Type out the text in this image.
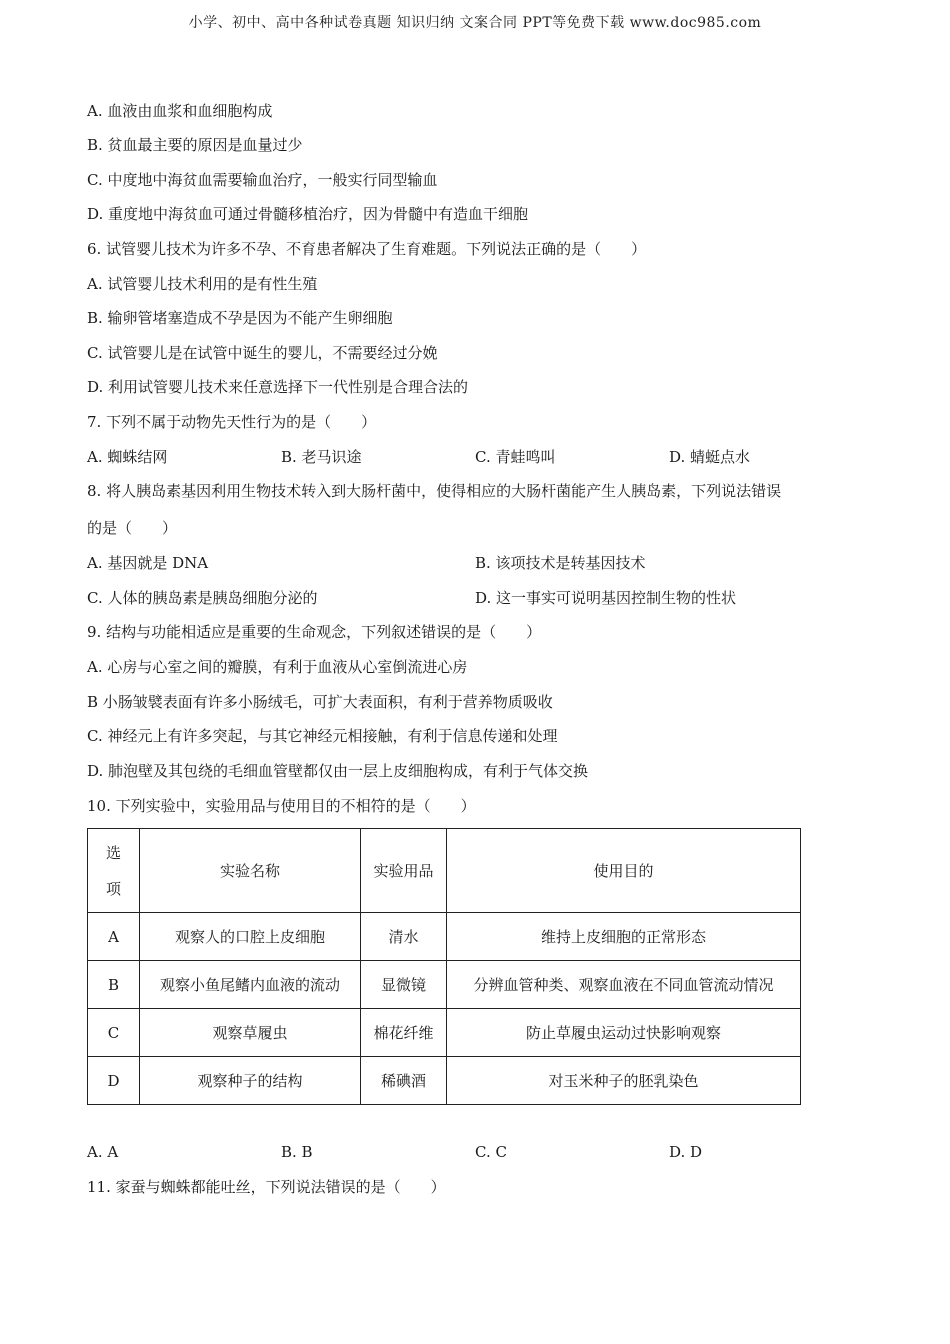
小学、初中、高中各种试卷真题 知识归纳 文案合同 PPT等免费下载 www.doc985.com
A. 血液由血浆和血细胞构成
B. 贫血最主要的原因是血量过少
C. 中度地中海贫血需要输血治疗，一般实行同型输血
D. 重度地中海贫血可通过骨髓移植治疗，因为骨髓中有造血干细胞
6. 试管婴儿技术为许多不孕、不育患者解决了生育难题。下列说法正确的是（　　）
A. 试管婴儿技术利用的是有性生殖
B. 输卵管堵塞造成不孕是因为不能产生卵细胞
C. 试管婴儿是在试管中诞生的婴儿，不需要经过分娩
D. 利用试管婴儿技术来任意选择下一代性别是合理合法的
7. 下列不属于动物先天性行为的是（　　）
A. 蜘蛛结网	B. 老马识途	C. 青蛙鸣叫	D. 蜻蜓点水
8. 将人胰岛素基因利用生物技术转入到大肠杆菌中，使得相应的大肠杆菌能产生人胰岛素，下列说法错误
的是（　　）
A. 基因就是 DNA	B. 该项技术是转基因技术
C. 人体的胰岛素是胰岛细胞分泌的	D. 这一事实可说明基因控制生物的性状
9. 结构与功能相适应是重要的生命观念，下列叙述错误的是（　　）
A. 心房与心室之间的瓣膜，有利于血液从心室倒流进心房
B 小肠皱襞表面有许多小肠绒毛，可扩大表面积，有利于营养物质吸收
C. 神经元上有许多突起，与其它神经元相接触，有利于信息传递和处理
D. 肺泡壁及其包绕的毛细血管壁都仅由一层上皮细胞构成，有利于气体交换
10. 下列实验中，实验用品与使用目的不相符的是（　　）
选
项	实验名称	实验用品	使用目的
A	观察人的口腔上皮细胞	清水	维持上皮细胞的正常形态
B	观察小鱼尾鳍内血液的流动	显微镜	分辨血管种类、观察血液在不同血管流动情况
C	观察草履虫	棉花纤维	防止草履虫运动过快影响观察
D	观察种子的结构	稀碘酒	对玉米种子的胚乳染色
A. A	B. B	C. C	D. D
11. 家蚕与蜘蛛都能吐丝，下列说法错误的是（　　）
